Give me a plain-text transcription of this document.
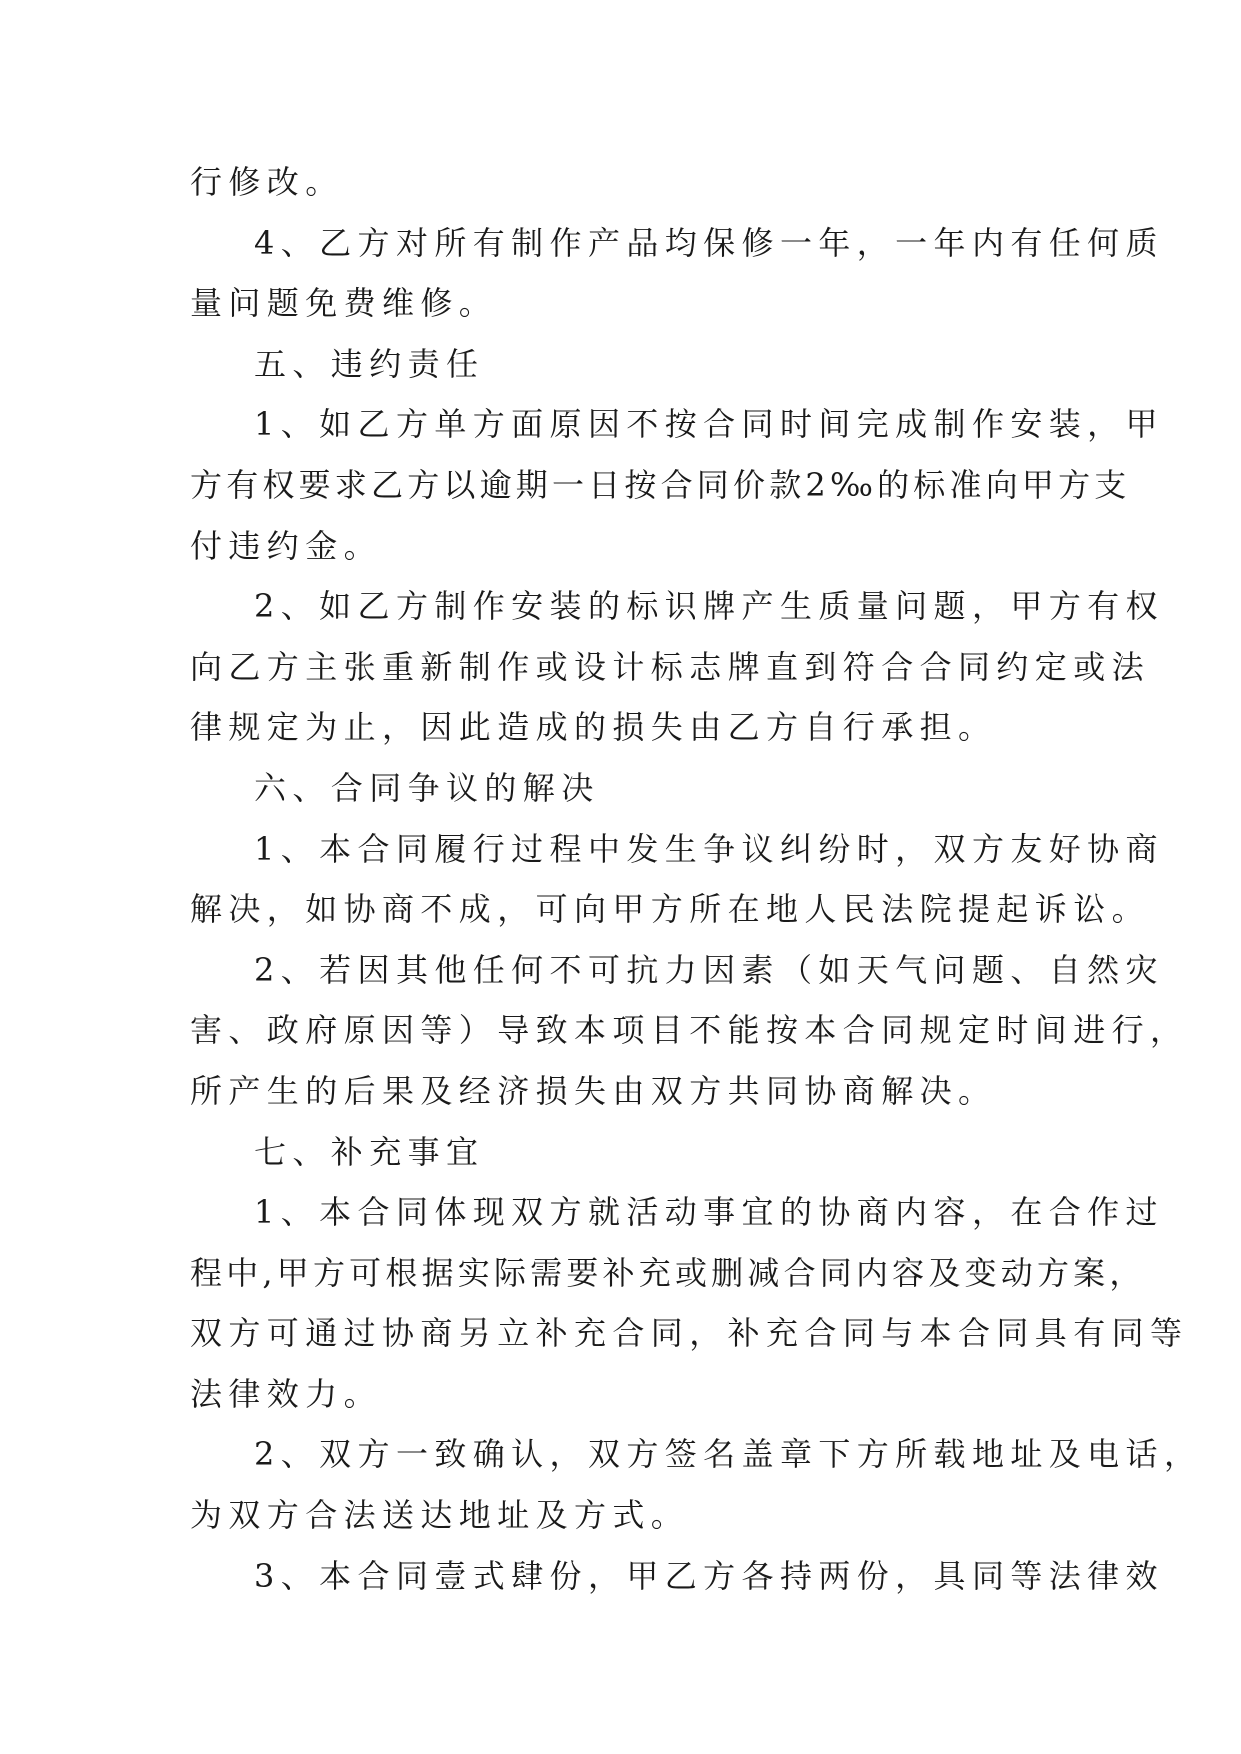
行修改。
4、乙方对所有制作产品均保修一年，一年内有任何质
量问题免费维修。
五、违约责任
1、如乙方单方面原因不按合同时间完成制作安装，甲
方有权要求乙方以逾期一日按合同价款2‰的标准向甲方支
付违约金。
2、如乙方制作安装的标识牌产生质量问题，甲方有权
向乙方主张重新制作或设计标志牌直到符合合同约定或法
律规定为止，因此造成的损失由乙方自行承担。
六、合同争议的解决
1、本合同履行过程中发生争议纠纷时，双方友好协商
解决，如协商不成，可向甲方所在地人民法院提起诉讼。
2、若因其他任何不可抗力因素（如天气问题、自然灾
害、政府原因等）导致本项目不能按本合同规定时间进行，
所产生的后果及经济损失由双方共同协商解决。
七、补充事宜
1、本合同体现双方就活动事宜的协商内容，在合作过
程中,甲方可根据实际需要补充或删减合同内容及变动方案，
双方可通过协商另立补充合同，补充合同与本合同具有同等
法律效力。
2、双方一致确认，双方签名盖章下方所载地址及电话，
为双方合法送达地址及方式。
3、本合同壹式肆份，甲乙方各持两份，具同等法律效
